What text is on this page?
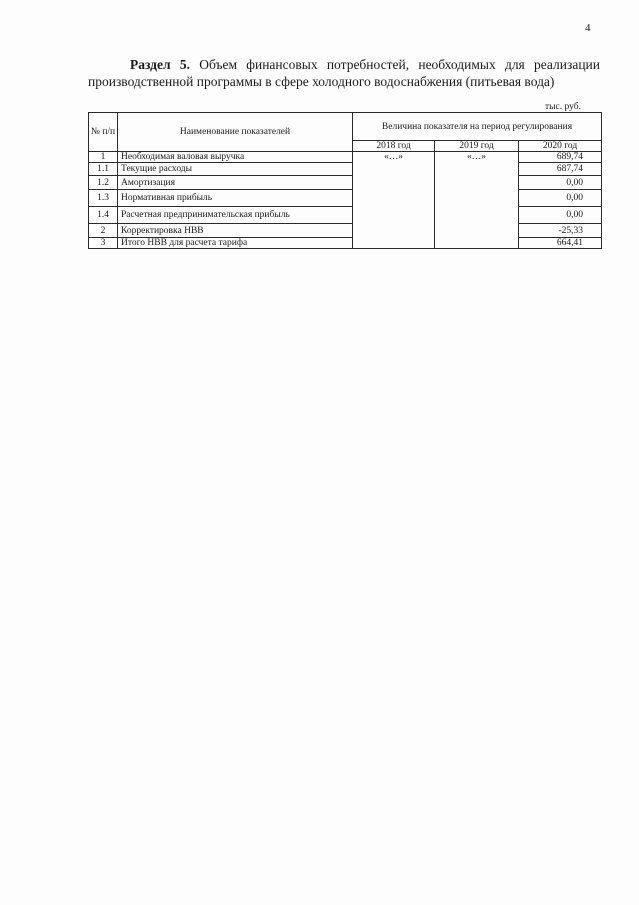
4
Раздел 5. Объем финансовых потребностей, необходимых для реализации производственной программы в сфере холодного водоснабжения (питьевая вода)
тыс. руб.
№ п/п	Наименование показателей	Величина показателя на период регулирования		
		2018 год	2019 год	2020 год
1	Необходимая валовая выручка	«…»	«…»	689,74
1.1	Текущие расходы			687,74
1.2	Амортизация			0,00
1.3	Нормативная прибыль			0,00
1.4	Расчетная предпринимательская прибыль			0,00
2	Корректировка НВВ			-25,33
3	Итого НВВ для расчета тарифа			664,41
